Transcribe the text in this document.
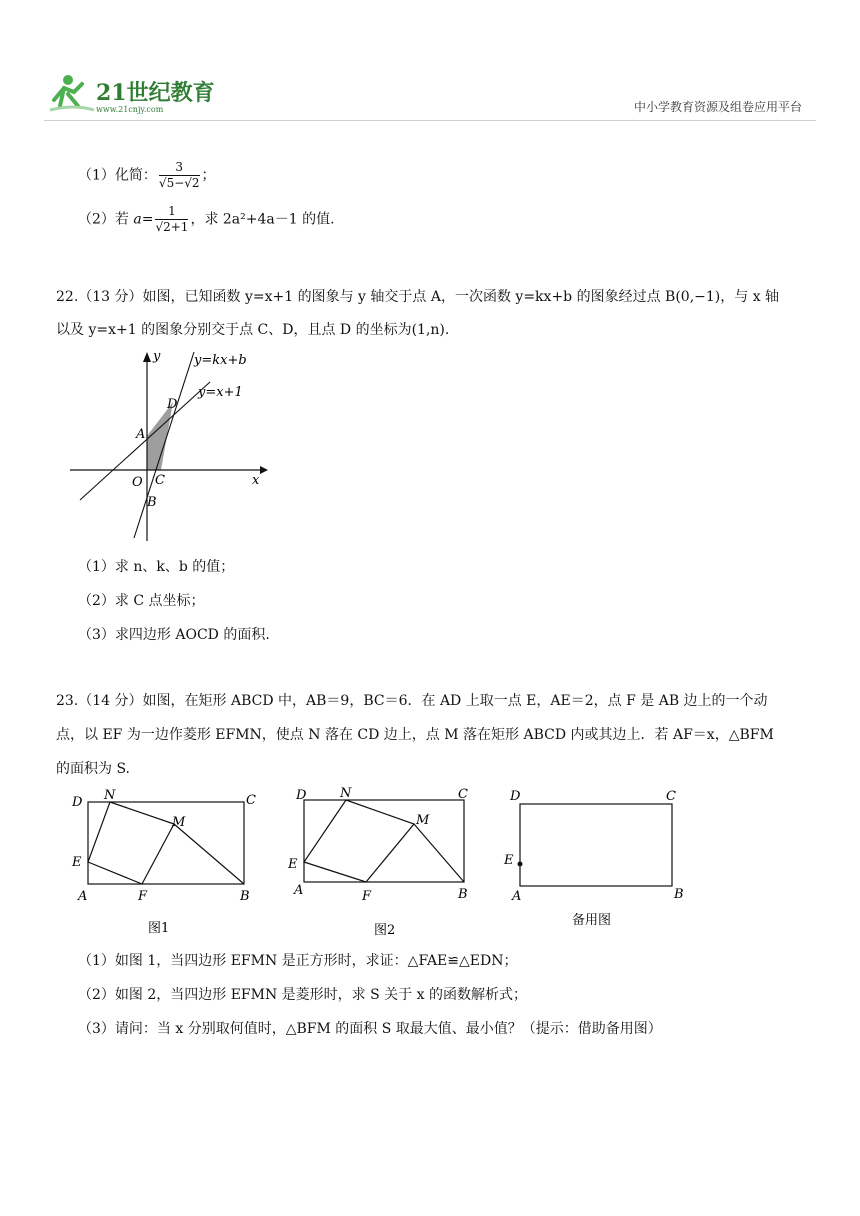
21世纪教育
www.21cnjy.com	中小学教育资源及组卷应用平台
（1）化简： $\frac{3}{√5-√2}$ ；
（2）若 $a= \frac{1}{√2+1}$ ，求 2a²+4a－1 的值.
22.（13 分）如图，已知函数 y=x+1 的图象与 y 轴交于点 A，一次函数 y=kx+b 的图象经过点 B(0,−1)，与 x 轴
以及 y=x+1 的图象分别交于点 C、D，且点 D 的坐标为(1,n).
y
x
y=kx+b
y=x+1
D
A
O C
B
（1）求 n、k、b 的值；
（2）求 C 点坐标；
（3）求四边形 AOCD 的面积.
23.（14 分）如图，在矩形 ABCD 中，AB＝9，BC＝6．在 AD 上取一点 E，AE＝2，点 F 是 AB 边上的一个动
点，以 EF 为一边作菱形 EFMN，使点 N 落在 CD 边上，点 M 落在矩形 ABCD 内或其边上．若 AF＝x，△BFM
的面积为 S.
D	C
N
M
E
A	F	B
图1
D	C
N
M
E
A	F	B
图2
D	C
E
A	B
备用图
（1）如图 1，当四边形 EFMN 是正方形时，求证：△FAE≌△EDN；
（2）如图 2，当四边形 EFMN 是菱形时，求 S 关于 x 的函数解析式；
（3）请问：当 x 分别取何值时，△BFM 的面积 S 取最大值、最小值？（提示：借助备用图）
